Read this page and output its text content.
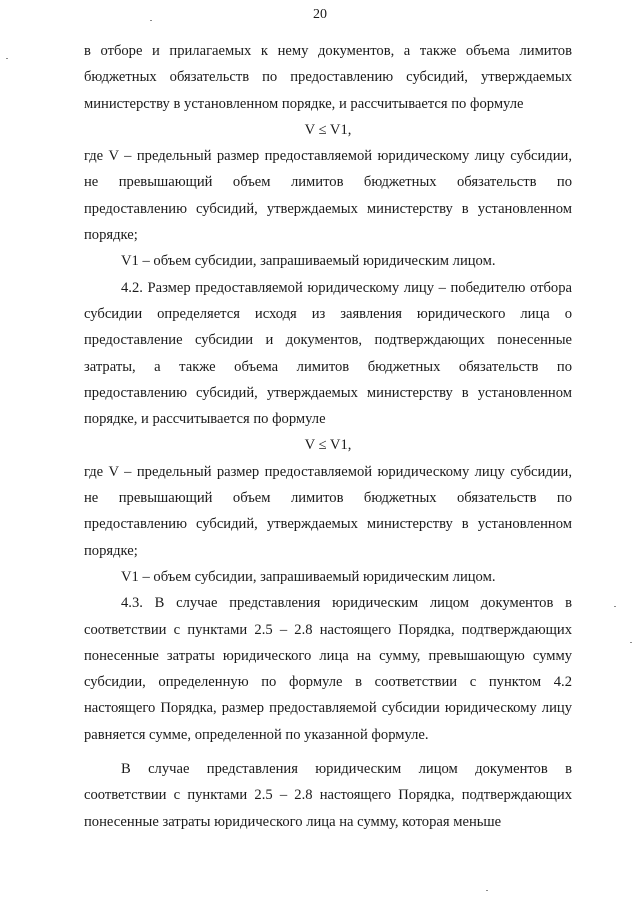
20

в отборе и прилагаемых к нему документов, а также объема лимитов бюджетных обязательств по предоставлению субсидий, утверждаемых министерству в установленном порядке, и рассчитывается по формуле

V ≤ V1,

где V – предельный размер предоставляемой юридическому лицу субсидии, не превышающий объем лимитов бюджетных обязательств по предоставлению субсидий, утверждаемых министерству в установленном порядке;

V1 – объем субсидии, запрашиваемый юридическим лицом.

4.2. Размер предоставляемой юридическому лицу – победителю отбора субсидии определяется исходя из заявления юридического лица о предоставление субсидии и документов, подтверждающих понесенные затраты, а также объема лимитов бюджетных обязательств по предоставлению субсидий, утверждаемых министерству в установленном порядке, и рассчитывается по формуле

V ≤ V1,

где V – предельный размер предоставляемой юридическому лицу субсидии, не превышающий объем лимитов бюджетных обязательств по предоставлению субсидий, утверждаемых министерству в установленном порядке;

V1 – объем субсидии, запрашиваемый юридическим лицом.

4.3. В случае представления юридическим лицом документов в соответствии с пунктами 2.5 – 2.8 настоящего Порядка, подтверждающих понесенные затраты юридического лица на сумму, превышающую сумму субсидии, определенную по формуле в соответствии с пунктом 4.2 настоящего Порядка, размер предоставляемой субсидии юридическому лицу равняется сумме, определенной по указанной формуле.

В случае представления юридическим лицом документов в соответствии с пунктами 2.5 – 2.8 настоящего Порядка, подтверждающих понесенные затраты юридического лица на сумму, которая меньше
